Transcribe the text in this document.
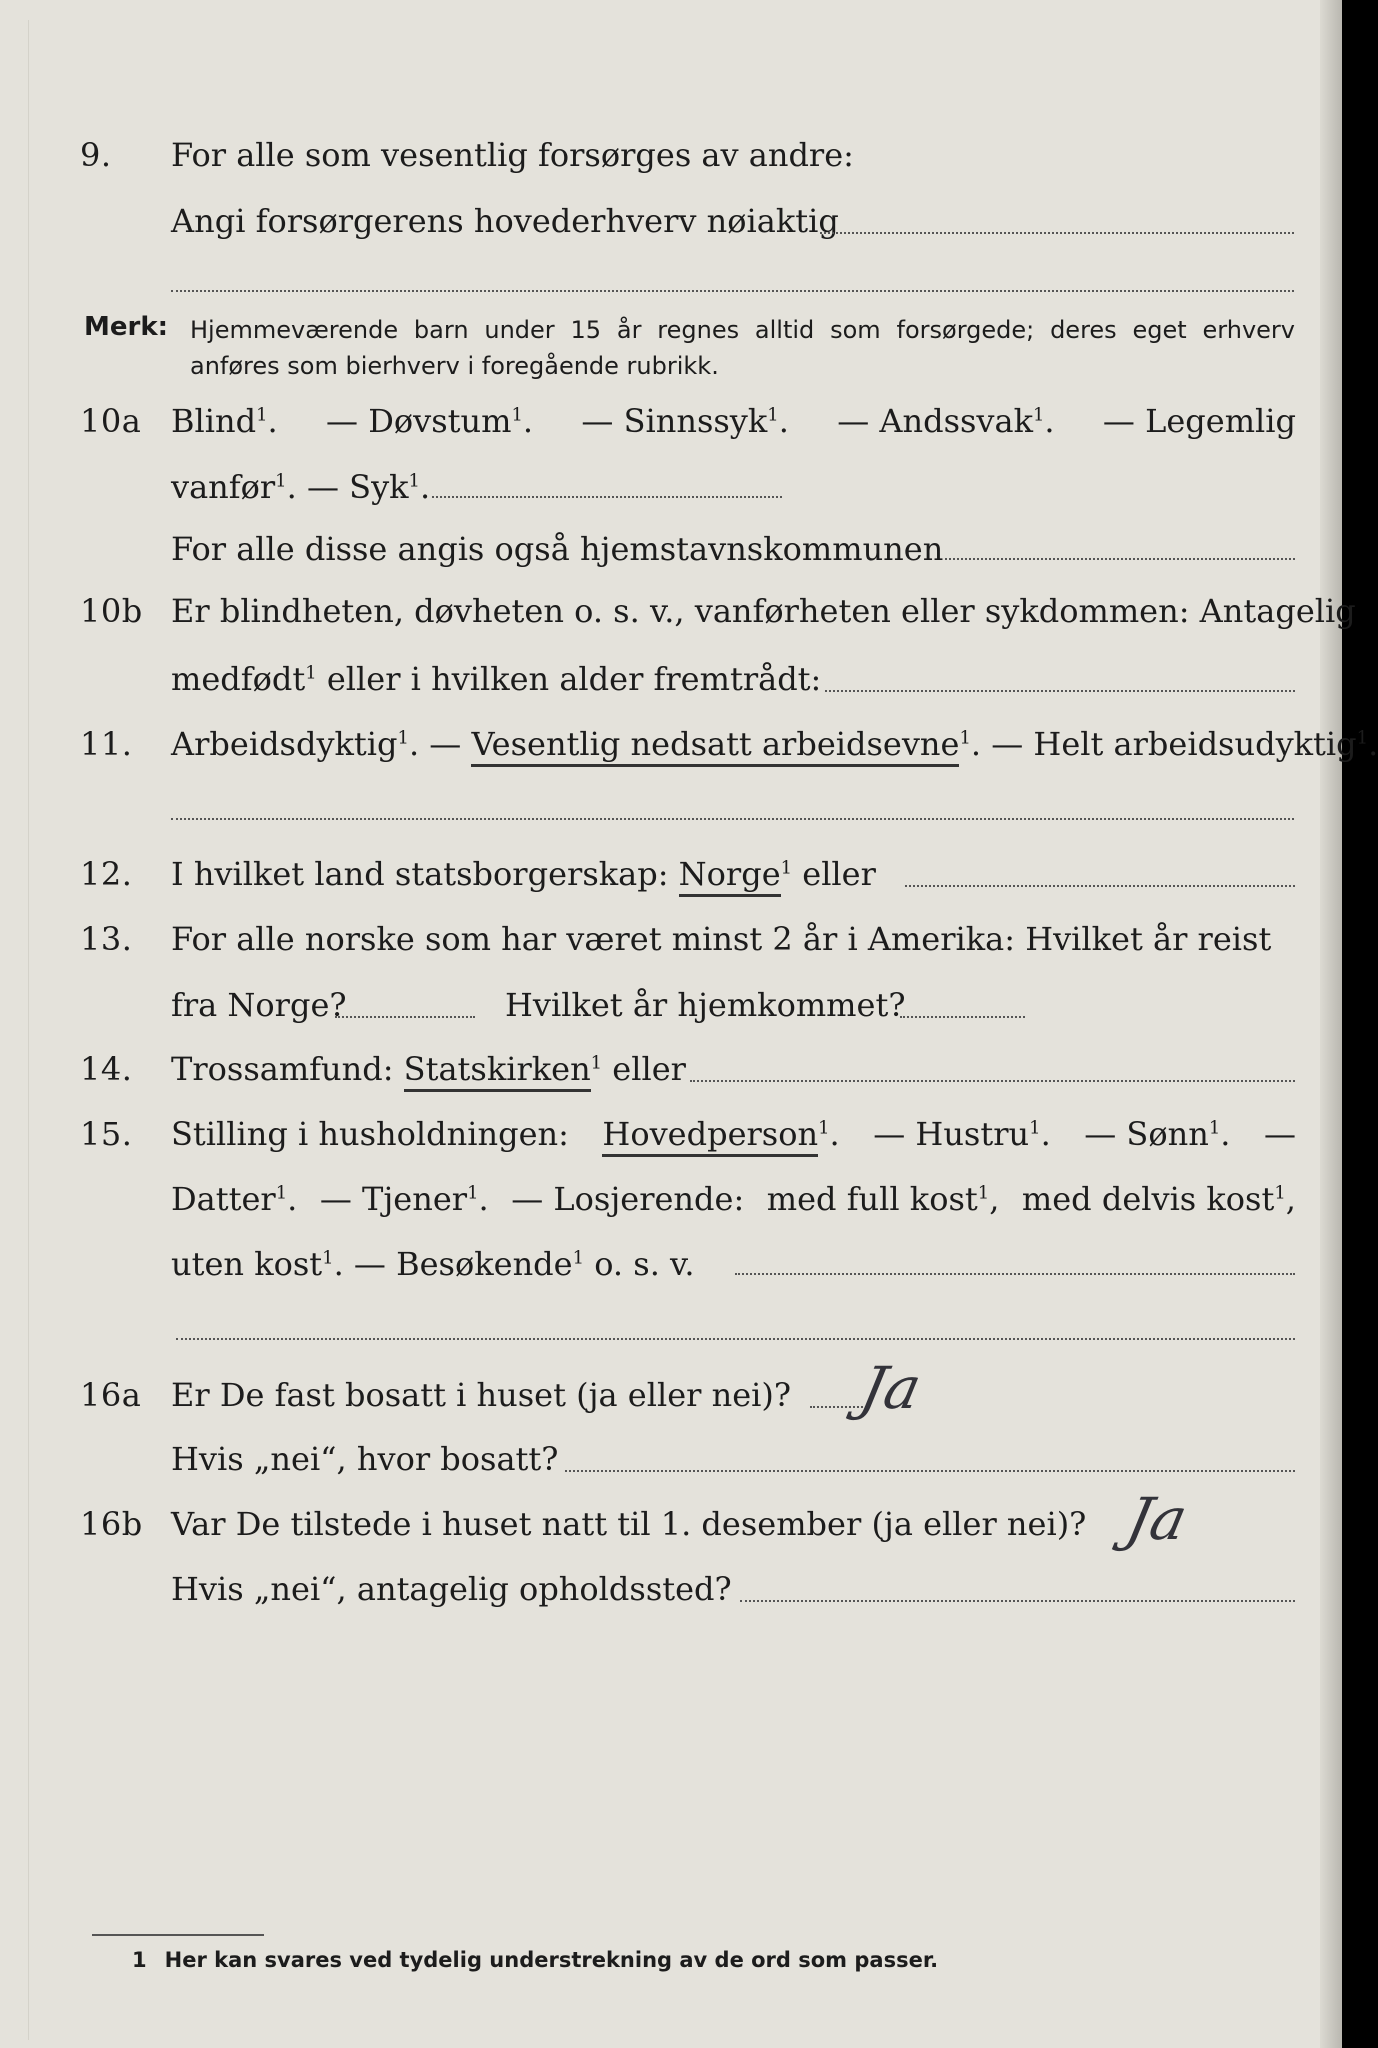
9. For alle som vesentlig forsørges av andre:
Angi forsørgerens hovederhverv nøiaktig
Merk: Hjemmeværende barn under 15 år regnes alltid som forsørgede; deres eget erhverv anføres som bierhverv i foregående rubrikk.
10a Blind$^1$. — Døvstum$^1$. — Sinnssyk$^1$. — Andssvak$^1$. — Legemlig
vanfør$^1$. — Syk$^1$.
For alle disse angis også hjemstavnskommunen
10b Er blindheten, døvheten o. s. v., vanførheten eller sykdommen: Antagelig
medfødt$^1$ eller i hvilken alder fremtrådt:
11. Arbeidsdyktig$^1$. — Vesentlig nedsatt arbeidsevne$^1$. — Helt arbeidsudyktig$^1$.
12. I hvilket land statsborgerskap: Norge$^1$ eller
13. For alle norske som har været minst 2 år i Amerika: Hvilket år reist
fra Norge?	Hvilket år hjemkommet?
14. Trossamfund: Statskirken$^1$ eller
15. Stilling i husholdningen: Hovedperson$^1$. — Hustru$^1$. — Sønn$^1$. —
Datter$^1$. — Tjener$^1$. — Losjerende: med full kost$^1$, med delvis kost$^1$,
uten kost$^1$. — Besøkende$^1$ o. s. v.
16a Er De fast bosatt i huset (ja eller nei)? Ja
Hvis „nei“, hvor bosatt?
16b Var De tilstede i huset natt til 1. desember (ja eller nei)? Ja
Hvis „nei“, antagelig opholdssted?
1 Her kan svares ved tydelig understrekning av de ord som passer.
